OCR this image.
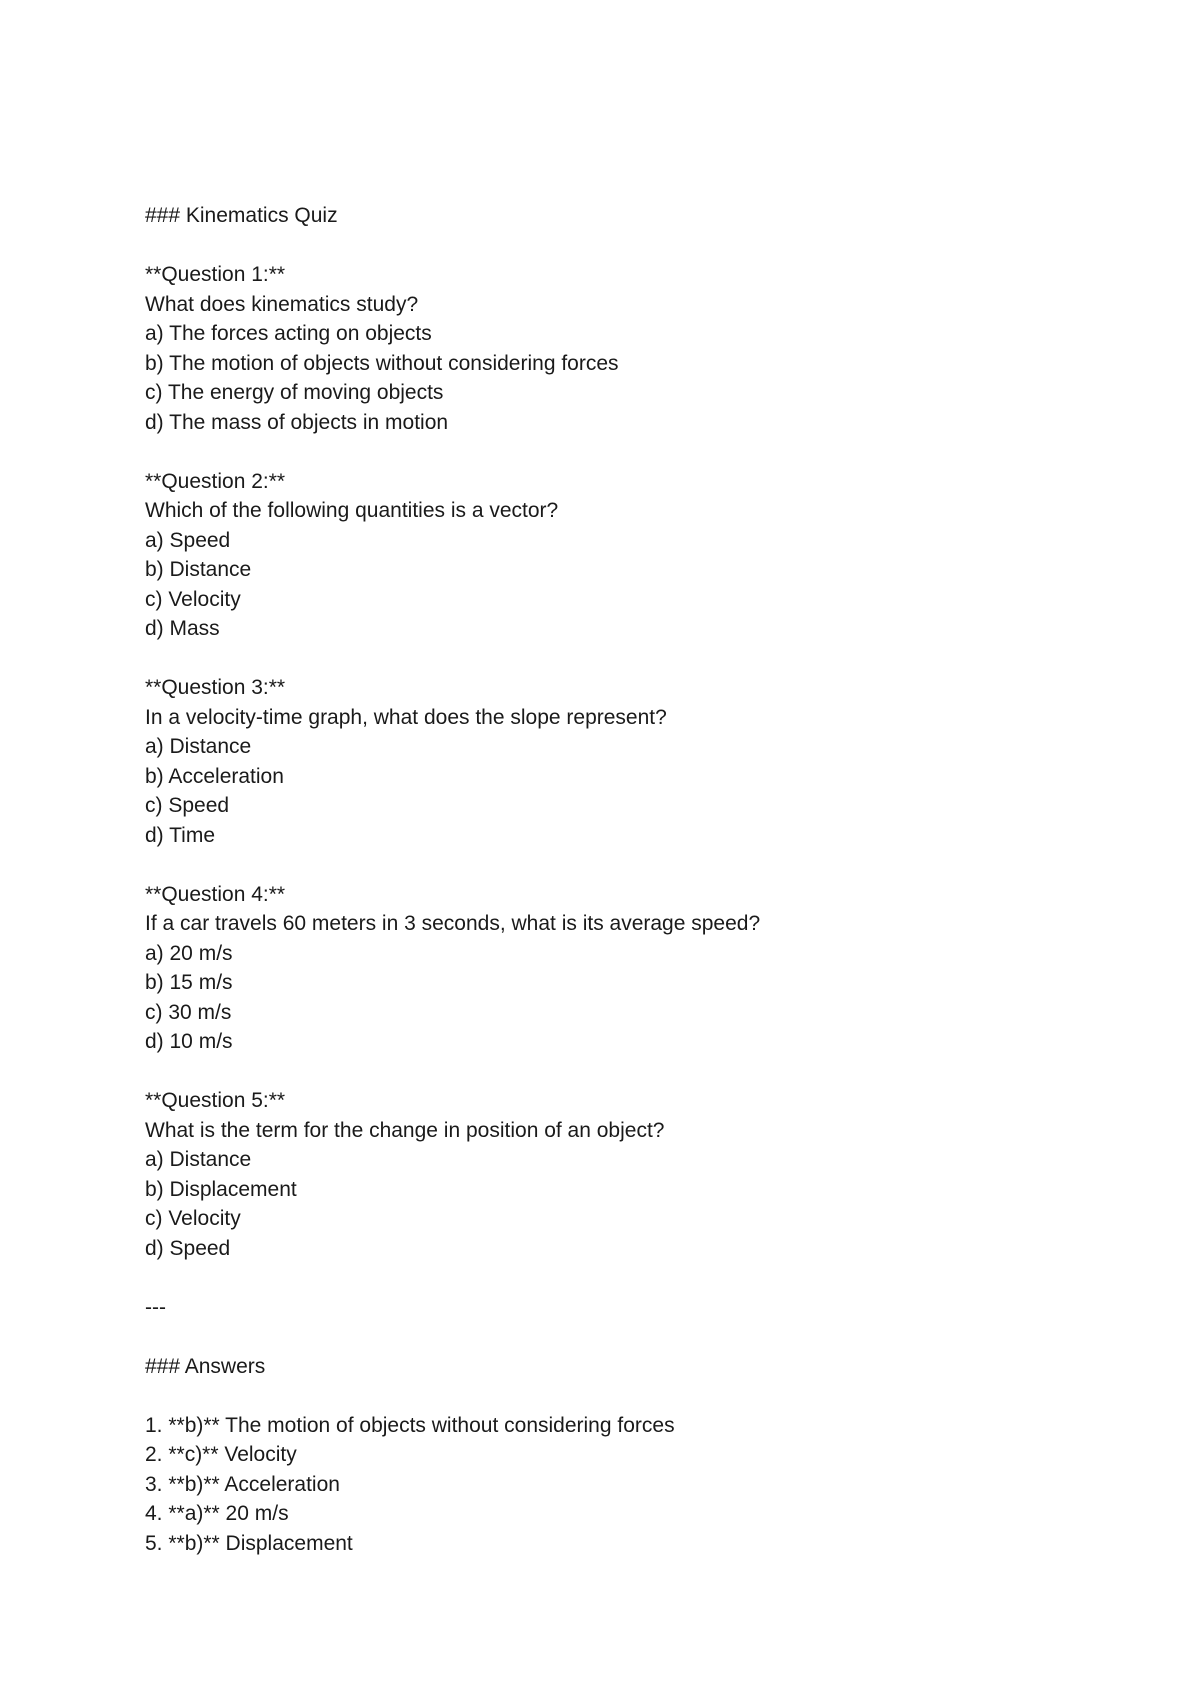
### Kinematics Quiz
**Question 1:**
What does kinematics study?
a) The forces acting on objects
b) The motion of objects without considering forces
c) The energy of moving objects
d) The mass of objects in motion
**Question 2:**
Which of the following quantities is a vector?
a) Speed
b) Distance
c) Velocity
d) Mass
**Question 3:**
In a velocity-time graph, what does the slope represent?
a) Distance
b) Acceleration
c) Speed
d) Time
**Question 4:**
If a car travels 60 meters in 3 seconds, what is its average speed?
a) 20 m/s
b) 15 m/s
c) 30 m/s
d) 10 m/s
**Question 5:**
What is the term for the change in position of an object?
a) Distance
b) Displacement
c) Velocity
d) Speed
---
### Answers
1. **b)** The motion of objects without considering forces
2. **c)** Velocity
3. **b)** Acceleration
4. **a)** 20 m/s
5. **b)** Displacement
